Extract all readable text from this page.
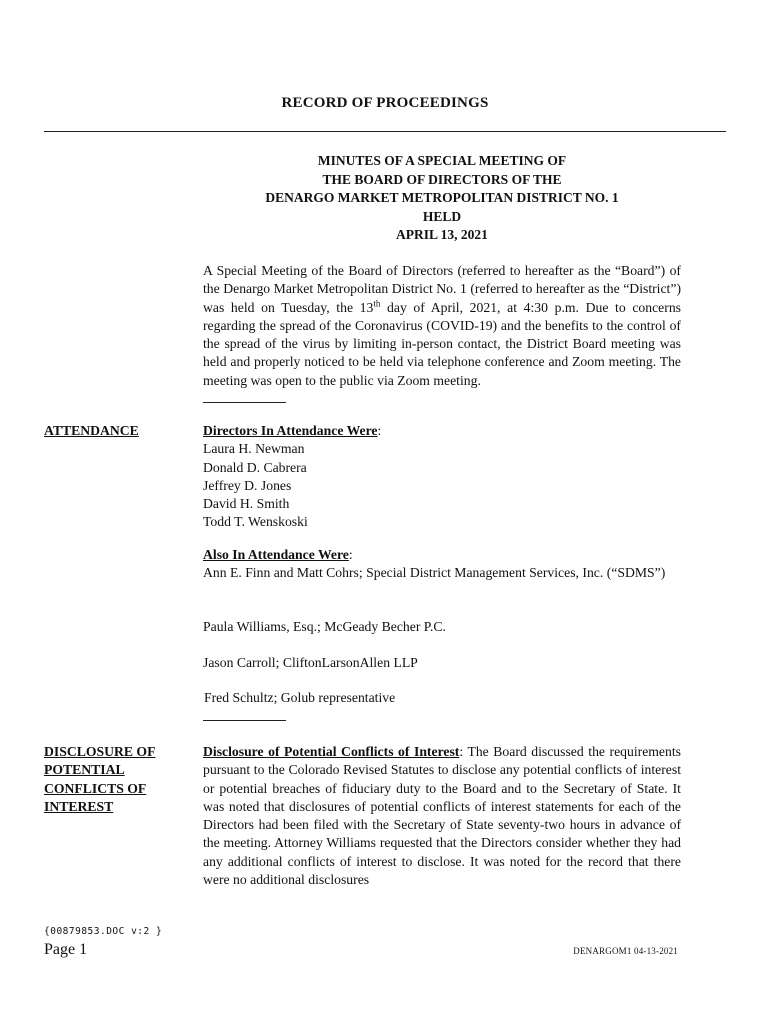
RECORD OF PROCEEDINGS
MINUTES OF A SPECIAL MEETING OF
THE BOARD OF DIRECTORS OF THE
DENARGO MARKET METROPOLITAN DISTRICT NO. 1
HELD
APRIL 13, 2021
A Special Meeting of the Board of Directors (referred to hereafter as the “Board”) of the Denargo Market Metropolitan District No. 1 (referred to hereafter as the “District”) was held on Tuesday, the 13th day of April, 2021, at 4:30 p.m. Due to concerns regarding the spread of the Coronavirus (COVID-19) and the benefits to the control of the spread of the virus by limiting in-person contact, the District Board meeting was held and properly noticed to be held via telephone conference and Zoom meeting. The meeting was open to the public via Zoom meeting.
ATTENDANCE	Directors In Attendance Were:
Laura H. Newman
Donald D. Cabrera
Jeffrey D. Jones
David H. Smith
Todd T. Wenskoski
Also In Attendance Were:
Ann E. Finn and Matt Cohrs; Special District Management Services, Inc. (“SDMS”)
Paula Williams, Esq.; McGeady Becher P.C.
Jason Carroll; CliftonLarsonAllen LLP
Fred Schultz; Golub representative
DISCLOSURE OF
POTENTIAL
CONFLICTS OF
INTEREST
Disclosure of Potential Conflicts of Interest: The Board discussed the requirements pursuant to the Colorado Revised Statutes to disclose any potential conflicts of interest or potential breaches of fiduciary duty to the Board and to the Secretary of State. It was noted that disclosures of potential conflicts of interest statements for each of the Directors had been filed with the Secretary of State seventy-two hours in advance of the meeting. Attorney Williams requested that the Directors consider whether they had any additional conflicts of interest to disclose. It was noted for the record that there were no additional disclosures
{00879853.DOC v:2 }
Page 1	DENARGOM1 04-13-2021
